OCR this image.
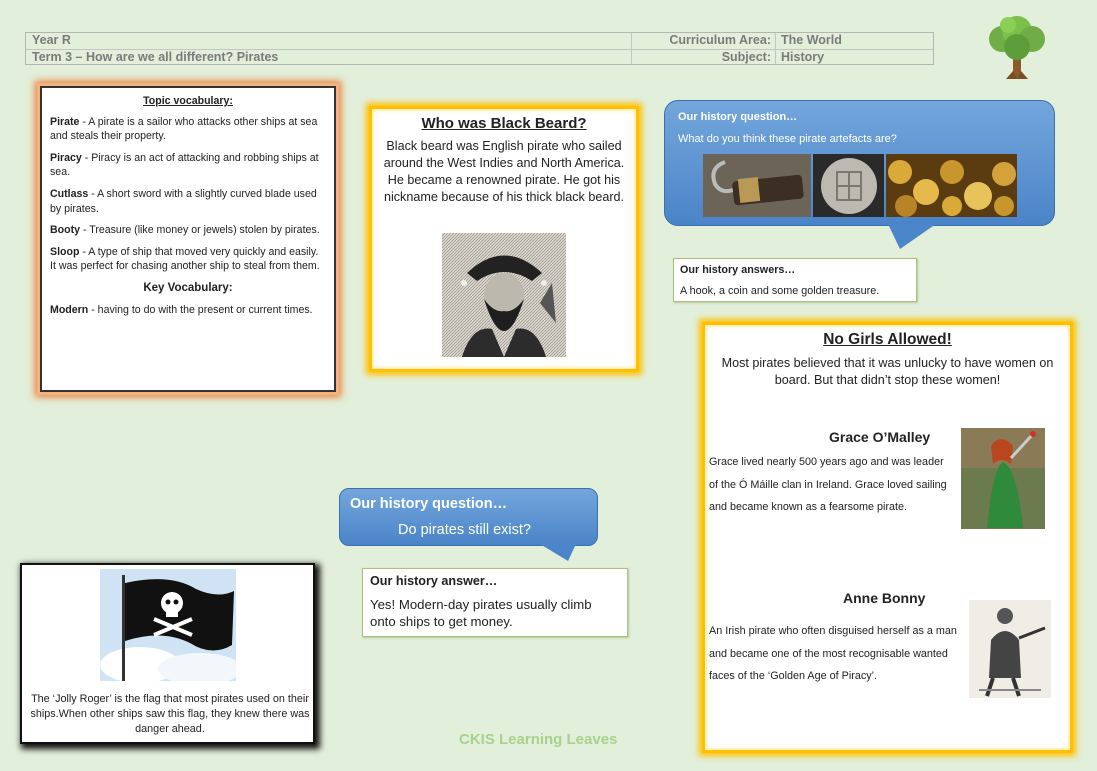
Year R
Term 3 – How are we all different? Pirates
Curriculum Area: The World
Subject: History
Topic vocabulary:

Pirate - A pirate is a sailor who attacks other ships at sea and steals their property.

Piracy - Piracy is an act of attacking and robbing ships at sea.

Cutlass - A short sword with a slightly curved blade used by pirates.

Booty - Treasure (like money or jewels) stolen by pirates.

Sloop - A type of ship that moved very quickly and easily. It was perfect for chasing another ship to steal from them.

Key Vocabulary:

Modern - having to do with the present or current times.

Who was Black Beard?

Black beard was English pirate who sailed around the West Indies and North America. He became a renowned pirate. He got his nickname because of his thick black beard.

Our history question…
What do you think these pirate artefacts are?
Our history answers…
A hook, a coin and some golden treasure.
No Girls Allowed!

Most pirates believed that it was unlucky to have women on board. But that didn’t stop these women!

Grace O’Malley
Grace lived nearly 500 years ago and was leader of the Ó Máille clan in Ireland. Grace loved sailing and became known as a fearsome pirate.
Anne Bonny
An Irish pirate who often disguised herself as a man and became one of the most recognisable wanted faces of the ‘Golden Age of Piracy’.
Our history question…
Do pirates still exist?
Our history answer…
Yes! Modern-day pirates usually climb onto ships to get money.
The ‘Jolly Roger’ is the flag that most pirates used on their ships.When other ships saw this flag, they knew there was danger ahead.
CKIS Learning Leaves
